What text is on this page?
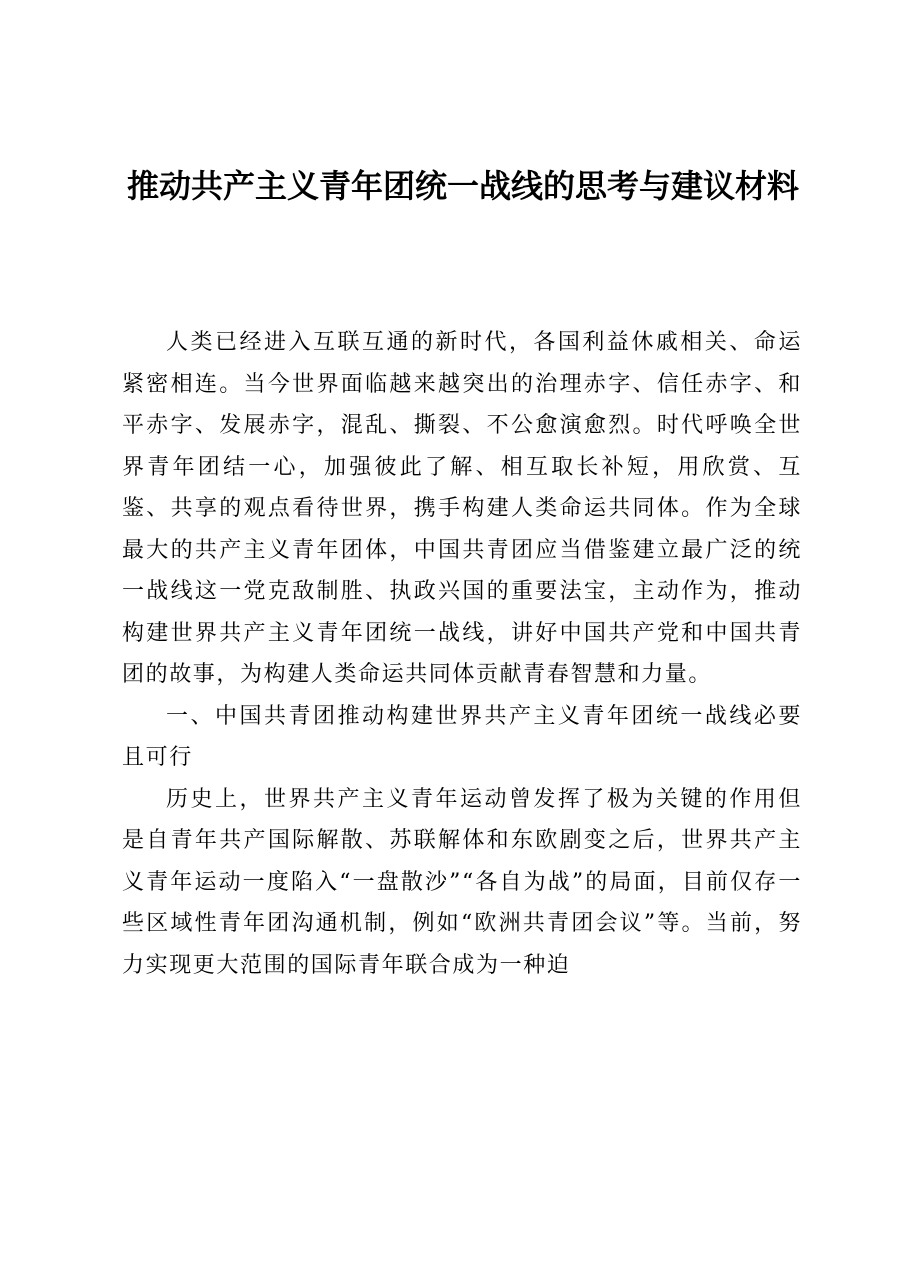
推动共产主义青年团统一战线的思考与建议材料

人类已经进入互联互通的新时代，各国利益休戚相关、命运紧密相连。当今世界面临越来越突出的治理赤字、信任赤字、和平赤字、发展赤字，混乱、撕裂、不公愈演愈烈。时代呼唤全世界青年团结一心，加强彼此了解、相互取长补短，用欣赏、互鉴、共享的观点看待世界，携手构建人类命运共同体。作为全球最大的共产主义青年团体，中国共青团应当借鉴建立最广泛的统一战线这一党克敌制胜、执政兴国的重要法宝，主动作为，推动构建世界共产主义青年团统一战线，讲好中国共产党和中国共青团的故事，为构建人类命运共同体贡献青春智慧和力量。

一、中国共青团推动构建世界共产主义青年团统一战线必要且可行

历史上，世界共产主义青年运动曾发挥了极为关键的作用但是自青年共产国际解散、苏联解体和东欧剧变之后，世界共产主义青年运动一度陷入“一盘散沙”“各自为战”的局面，目前仅存一些区域性青年团沟通机制，例如“欧洲共青团会议”等。当前，努力实现更大范围的国际青年联合成为一种迫
